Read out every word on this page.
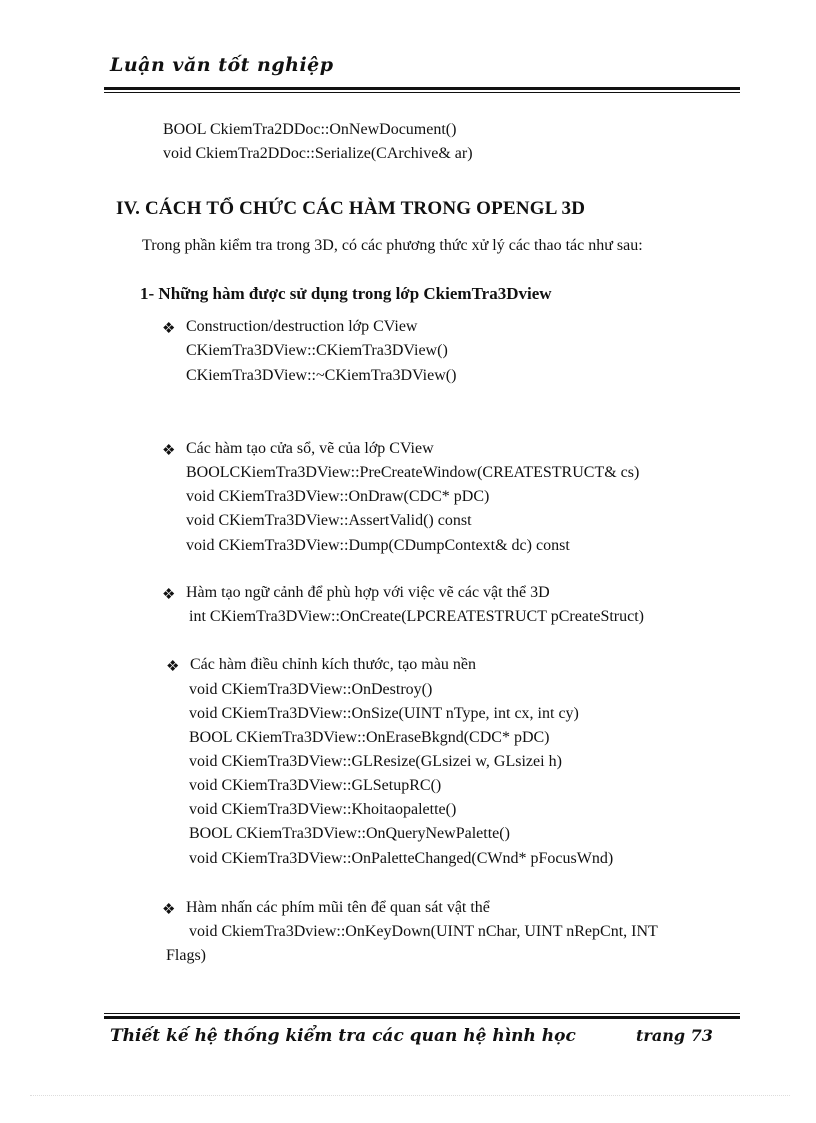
Luận văn tốt nghiệp
BOOL CkiemTra2DDoc::OnNewDocument()
void CkiemTra2DDoc::Serialize(CArchive& ar)
IV. CÁCH TỔ CHỨC CÁC HÀM TRONG OPENGL 3D
Trong phần kiểm tra trong 3D, có các phương thức xử lý các thao tác như sau:
1- Những hàm được sử dụng trong lớp CkiemTra3Dview
❖ Construction/destruction lớp CView
CKiemTra3DView::CKiemTra3DView()
CKiemTra3DView::~CKiemTra3DView()
❖ Các hàm tạo cửa sổ, vẽ của lớp CView
BOOLCKiemTra3DView::PreCreateWindow(CREATESTRUCT& cs)
void CKiemTra3DView::OnDraw(CDC* pDC)
void CKiemTra3DView::AssertValid() const
void CKiemTra3DView::Dump(CDumpContext& dc) const
❖ Hàm tạo ngữ cảnh để phù hợp với việc vẽ các vật thể 3D
int CKiemTra3DView::OnCreate(LPCREATESTRUCT pCreateStruct)
❖ Các hàm điều chỉnh kích thước, tạo màu nền
void CKiemTra3DView::OnDestroy()
void CKiemTra3DView::OnSize(UINT nType, int cx, int cy)
BOOL CKiemTra3DView::OnEraseBkgnd(CDC* pDC)
void CKiemTra3DView::GLResize(GLsizei w, GLsizei h)
void CKiemTra3DView::GLSetupRC()
void CKiemTra3DView::Khoitaopalette()
BOOL CKiemTra3DView::OnQueryNewPalette()
void CKiemTra3DView::OnPaletteChanged(CWnd* pFocusWnd)
❖ Hàm nhấn các phím mũi tên để quan sát vật thể
void CkiemTra3Dview::OnKeyDown(UINT nChar, UINT nRepCnt, INT
Flags)
Thiết kế hệ thống kiểm tra các quan hệ hình học	trang 73
